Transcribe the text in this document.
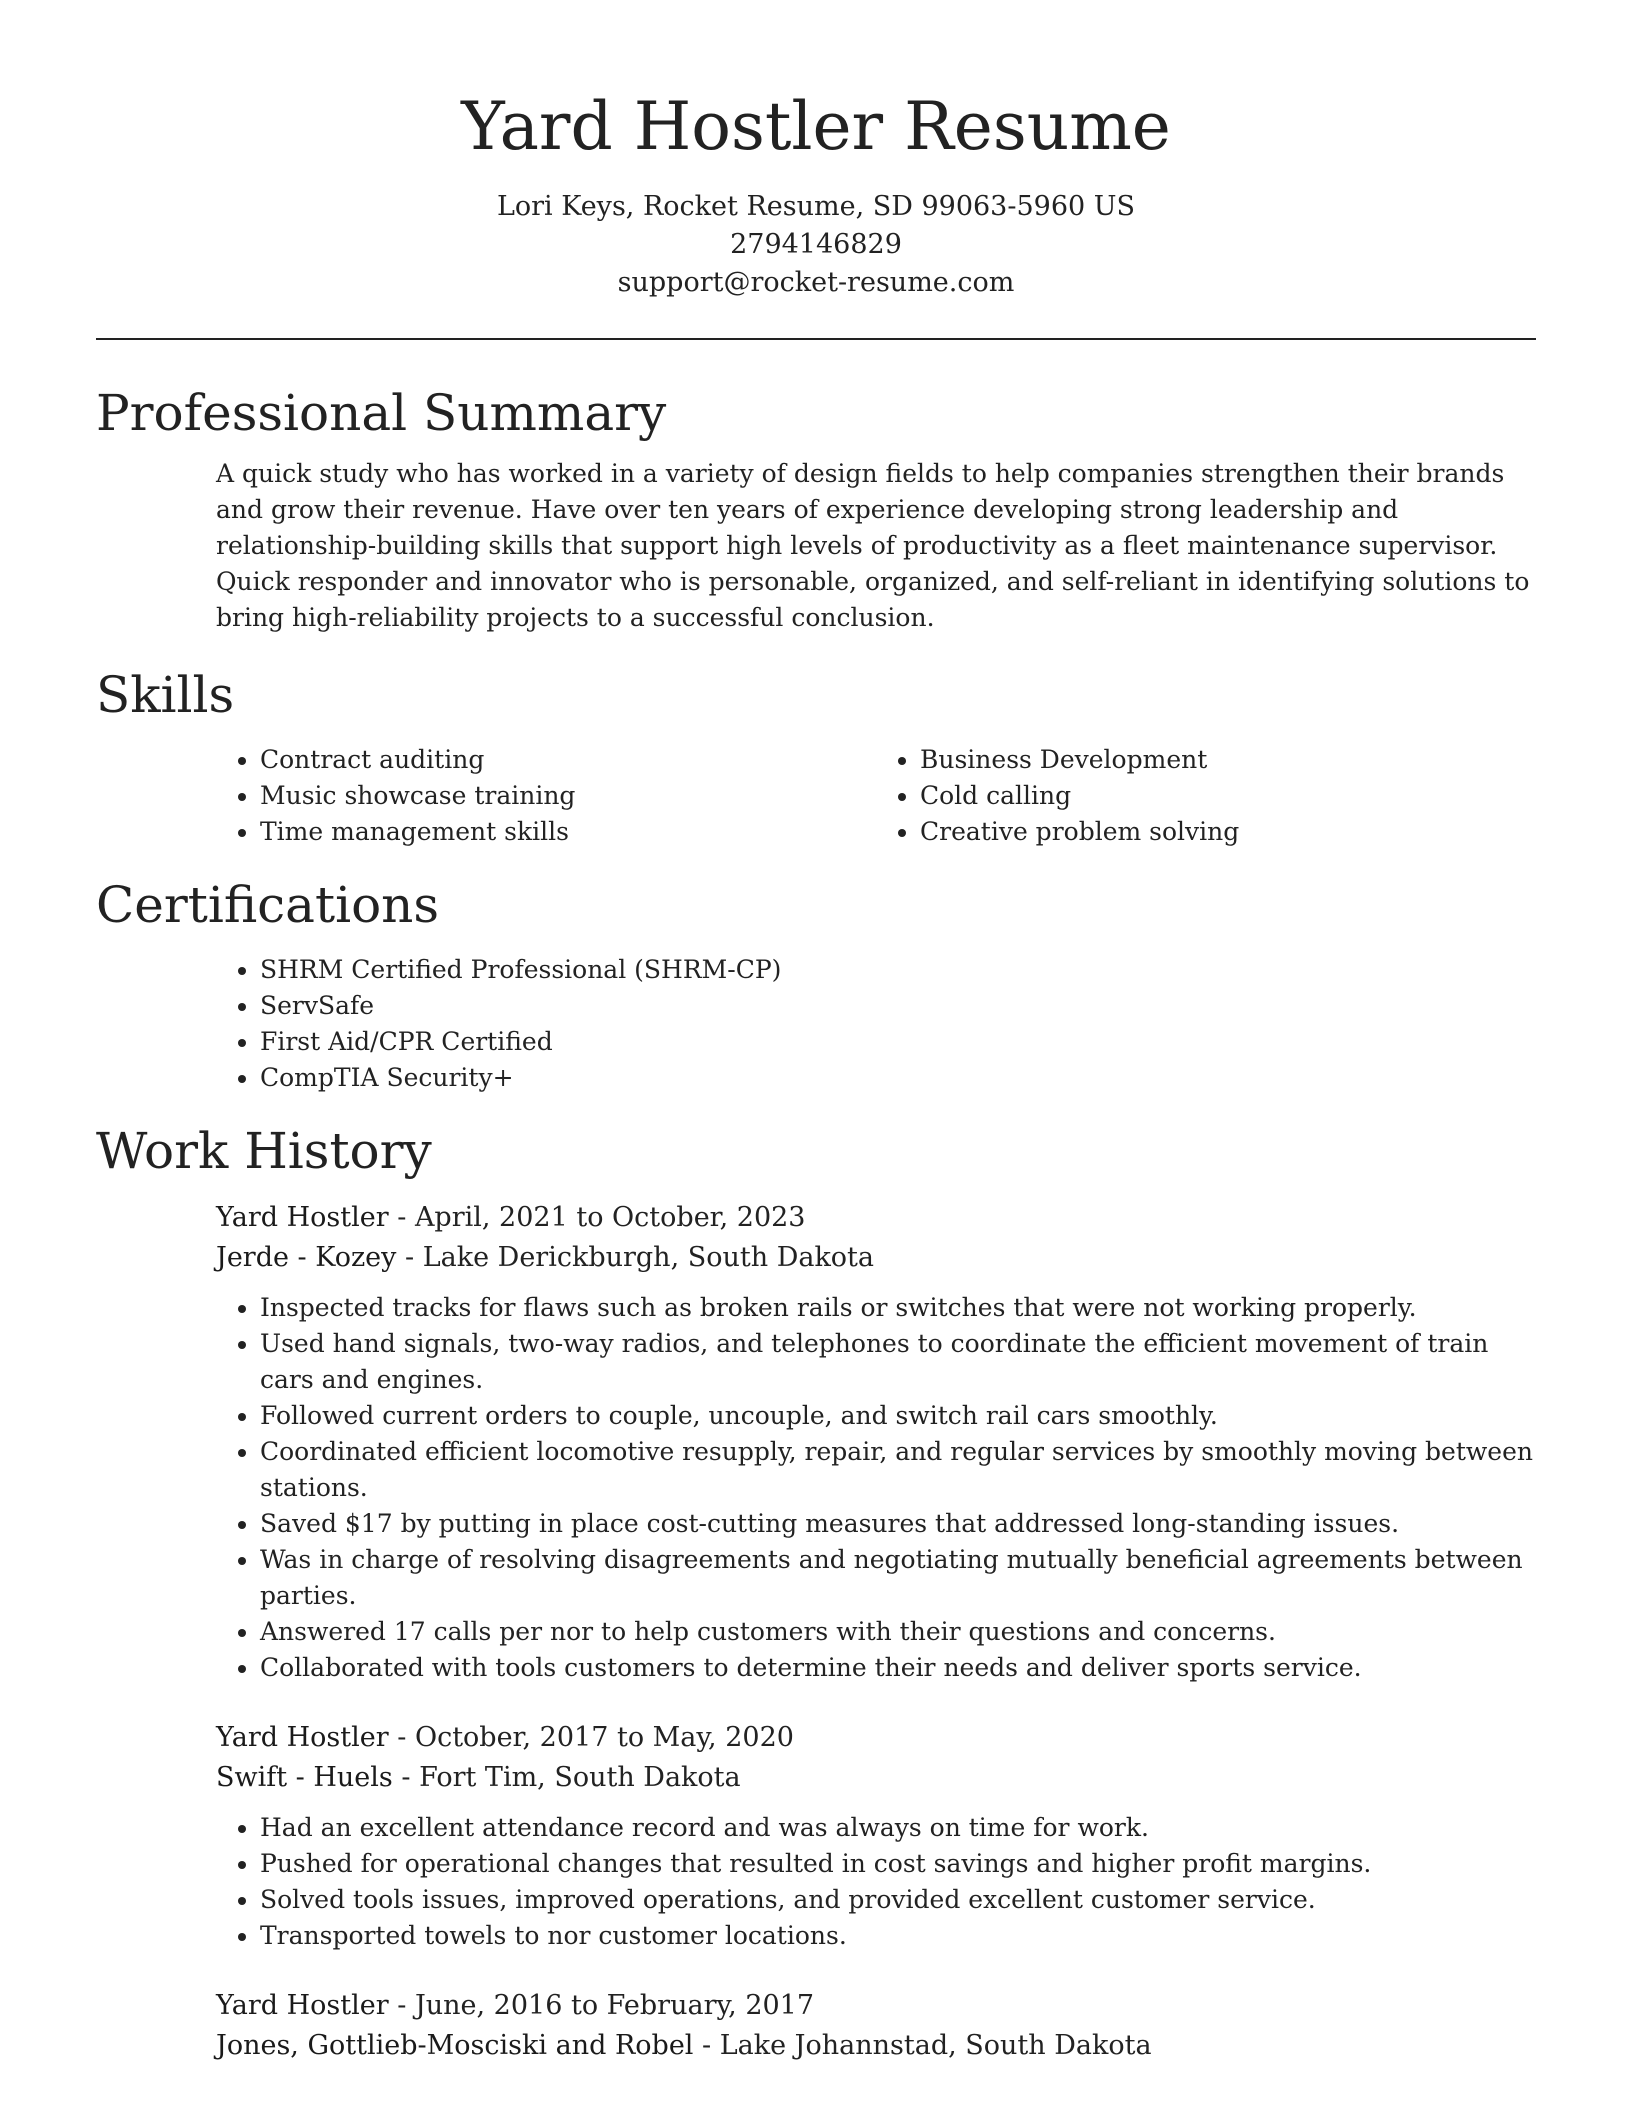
Yard Hostler Resume

Lori Keys, Rocket Resume, SD 99063-5960 US

2794146829

support@rocket-resume.com

Professional Summary

A quick study who has worked in a variety of design fields to help companies strengthen their brands and grow their revenue. Have over ten years of experience developing strong leadership and relationship-building skills that support high levels of productivity as a fleet maintenance supervisor. Quick responder and innovator who is personable, organized, and self-reliant in identifying solutions to bring high-reliability projects to a successful conclusion.

Skills
• Contract auditing
• Music showcase training
• Time management skills
• Business Development
• Cold calling
• Creative problem solving
Certifications
• SHRM Certified Professional (SHRM-CP)
• ServSafe
• First Aid/CPR Certified
• CompTIA Security+
Work History

Yard Hostler - April, 2021 to October, 2023

Jerde - Kozey - Lake Derickburgh, South Dakota

• Inspected tracks for flaws such as broken rails or switches that were not working properly.
• Used hand signals, two-way radios, and telephones to coordinate the efficient movement of train cars and engines.
• Followed current orders to couple, uncouple, and switch rail cars smoothly.
• Coordinated efficient locomotive resupply, repair, and regular services by smoothly moving between stations.
• Saved $17 by putting in place cost-cutting measures that addressed long-standing issues.
• Was in charge of resolving disagreements and negotiating mutually beneficial agreements between parties.
• Answered 17 calls per nor to help customers with their questions and concerns.
• Collaborated with tools customers to determine their needs and deliver sports service.

Yard Hostler - October, 2017 to May, 2020

Swift - Huels - Fort Tim, South Dakota

• Had an excellent attendance record and was always on time for work.
• Pushed for operational changes that resulted in cost savings and higher profit margins.
• Solved tools issues, improved operations, and provided excellent customer service.
• Transported towels to nor customer locations.

Yard Hostler - June, 2016 to February, 2017

Jones, Gottlieb-Mosciski and Robel - Lake Johannstad, South Dakota
